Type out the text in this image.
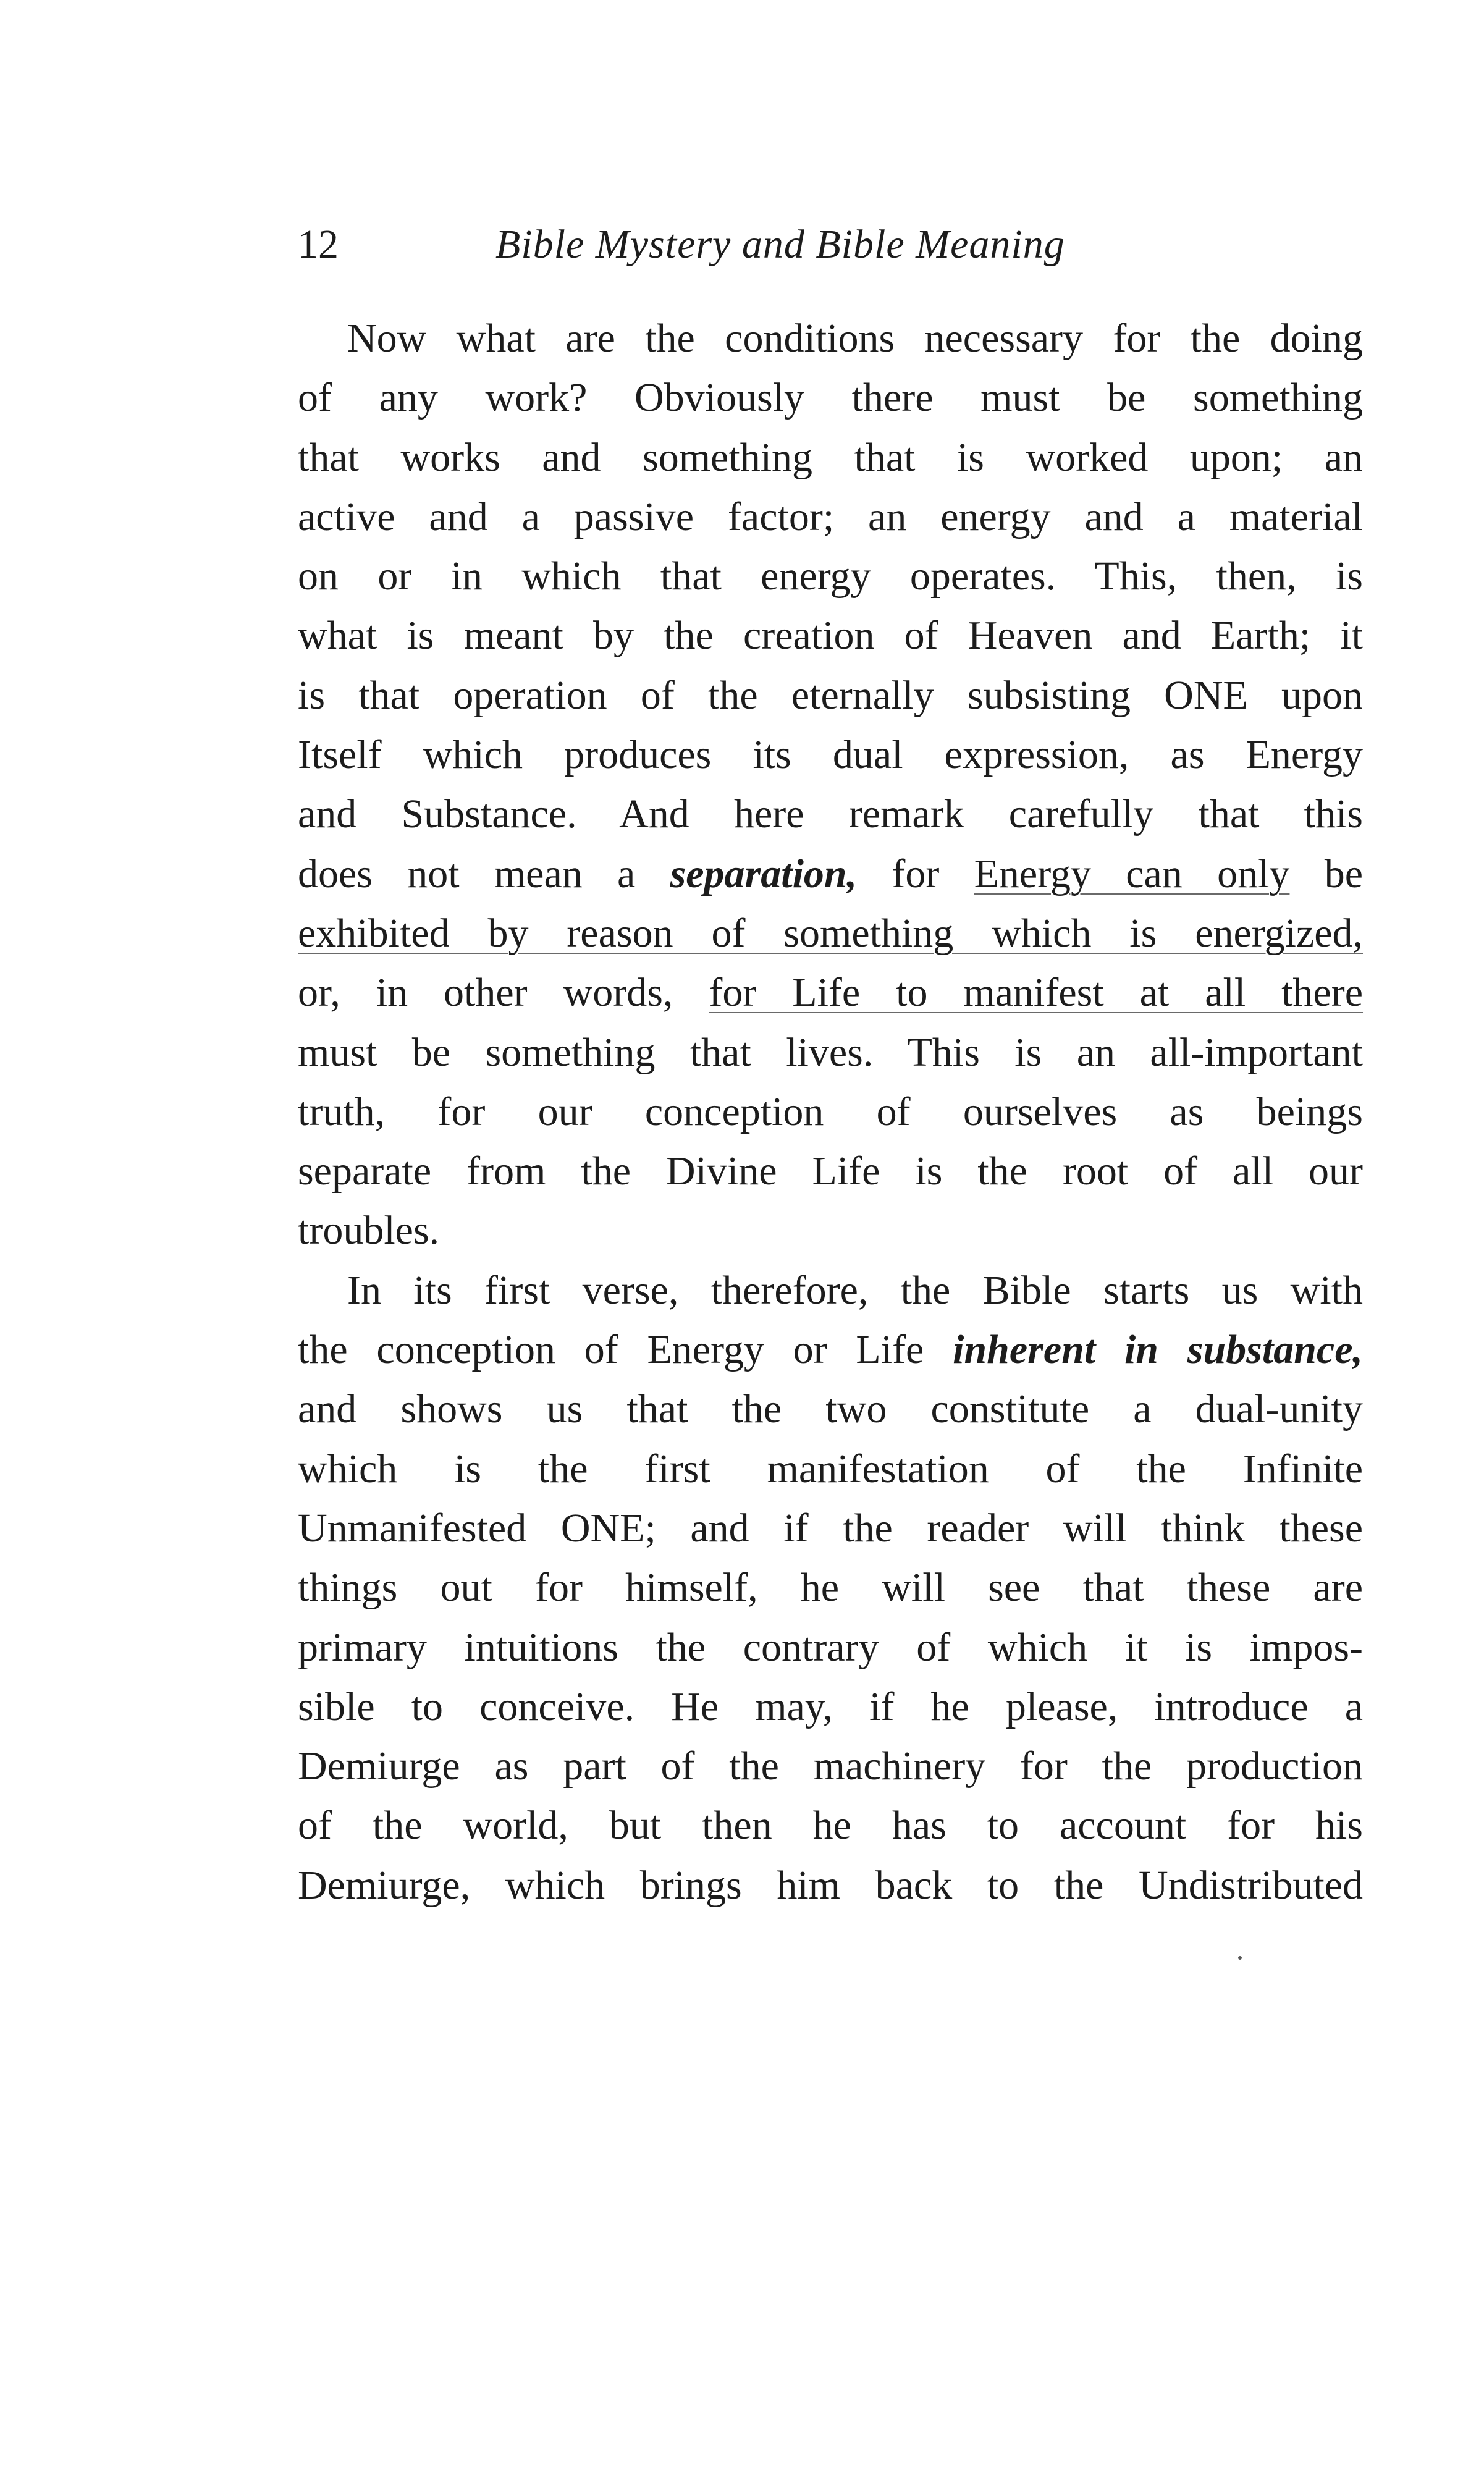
12	Bible Mystery and Bible Meaning
Now what are the conditions necessary for the doing
of any work? Obviously there must be something
that works and something that is worked upon; an
active and a passive factor; an energy and a material
on or in which that energy operates. This, then, is
what is meant by the creation of Heaven and Earth; it
is that operation of the eternally subsisting ONE upon
Itself which produces its dual expression, as Energy
and Substance. And here remark carefully that this
does not mean a separation, for Energy can only be
exhibited by reason of something which is energized,
or, in other words, for Life to manifest at all there
must be something that lives. This is an all-important
truth, for our conception of ourselves as beings
separate from the Divine Life is the root of all our
troubles.
In its first verse, therefore, the Bible starts us with
the conception of Energy or Life inherent in substance,
and shows us that the two constitute a dual-unity
which is the first manifestation of the Infinite
Unmanifested ONE; and if the reader will think these
things out for himself, he will see that these are
primary intuitions the contrary of which it is impos-
sible to conceive. He may, if he please, introduce a
Demiurge as part of the machinery for the production
of the world, but then he has to account for his
Demiurge, which brings him back to the Undistributed
